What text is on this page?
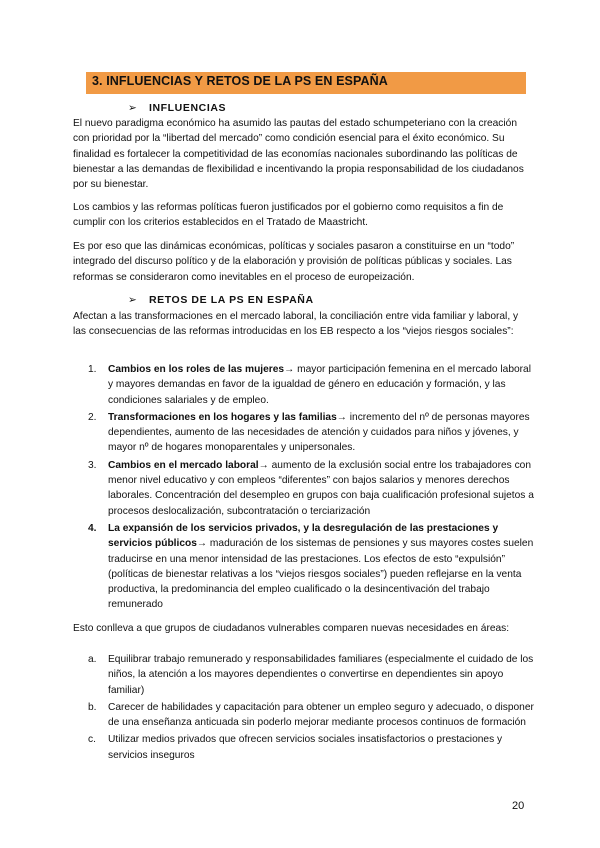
3. INFLUENCIAS Y RETOS DE LA PS EN ESPAÑA
➢ INFLUENCIAS

El nuevo paradigma económico ha asumido las pautas del estado schumpeteriano con la creación con prioridad por la “libertad del mercado” como condición esencial para el éxito económico. Su finalidad es fortalecer la competitividad de las economías nacionales subordinando las políticas de bienestar a las demandas de flexibilidad e incentivando la propia responsabilidad de los ciudadanos por su bienestar.

Los cambios y las reformas políticas fueron justificados por el gobierno como requisitos a fin de cumplir con los criterios establecidos en el Tratado de Maastricht.

Es por eso que las dinámicas económicas, políticas y sociales pasaron a constituirse en un “todo” integrado del discurso político y de la elaboración y provisión de políticas públicas y sociales. Las reformas se consideraron como inevitables en el proceso de europeización.

➢ RETOS DE LA PS EN ESPAÑA

Afectan a las transformaciones en el mercado laboral, la conciliación entre vida familiar y laboral, y las consecuencias de las reformas introducidas en los EB respecto a los “viejos riesgos sociales”:

1. Cambios en los roles de las mujeres→ mayor participación femenina en el mercado laboral y mayores demandas en favor de la igualdad de género en educación y formación, y las condiciones salariales y de empleo.
2. Transformaciones en los hogares y las familias→ incremento del nº de personas mayores dependientes, aumento de las necesidades de atención y cuidados para niños y jóvenes, y mayor nº de hogares monoparentales y unipersonales.
3. Cambios en el mercado laboral→ aumento de la exclusión social entre los trabajadores con menor nivel educativo y con empleos “diferentes” con bajos salarios y menores derechos laborales. Concentración del desempleo en grupos con baja cualificación profesional sujetos a procesos deslocalización, subcontratación o terciarización
4. La expansión de los servicios privados, y la desregulación de las prestaciones y servicios públicos→ maduración de los sistemas de pensiones y sus mayores costes suelen traducirse en una menor intensidad de las prestaciones. Los efectos de esto “expulsión” (políticas de bienestar relativas a los “viejos riesgos sociales”) pueden reflejarse en la venta productiva, la predominancia del empleo cualificado o la desincentivación del trabajo remunerado

Esto conlleva a que grupos de ciudadanos vulnerables comparen nuevas necesidades en áreas:

a. Equilibrar trabajo remunerado y responsabilidades familiares (especialmente el cuidado de los niños, la atención a los mayores dependientes o convertirse en dependientes sin apoyo familiar)
b. Carecer de habilidades y capacitación para obtener un empleo seguro y adecuado, o disponer de una enseñanza anticuada sin poderlo mejorar mediante procesos continuos de formación
c. Utilizar medios privados que ofrecen servicios sociales insatisfactorios o prestaciones y servicios inseguros
20
